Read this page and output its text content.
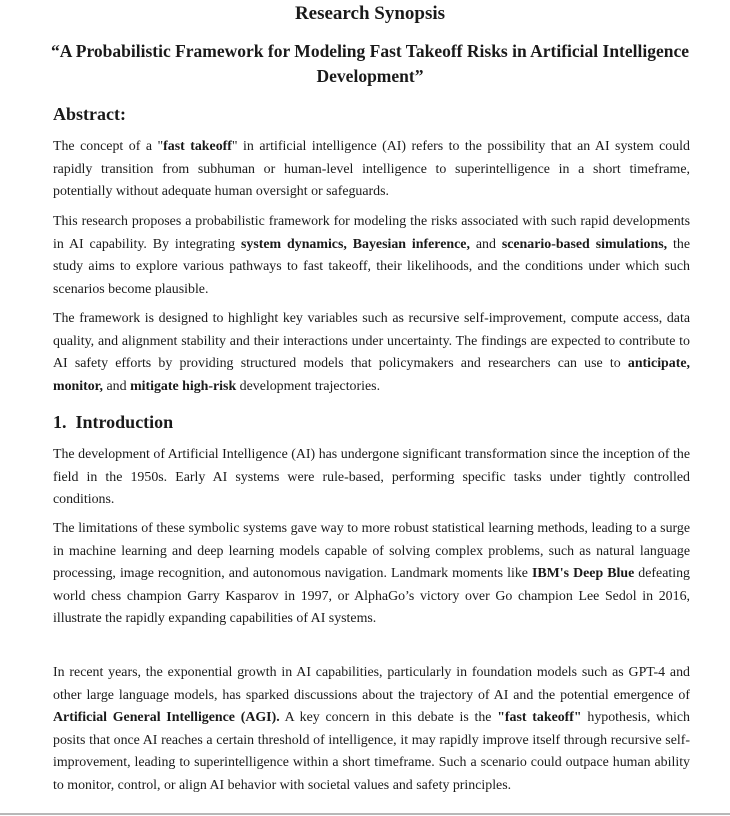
Research Synopsis
“A Probabilistic Framework for Modeling Fast Takeoff Risks in Artificial Intelligence Development”
Abstract:

The concept of a "fast takeoff" in artificial intelligence (AI) refers to the possibility that an AI system could rapidly transition from subhuman or human-level intelligence to superintelligence in a short timeframe, potentially without adequate human oversight or safeguards.

This research proposes a probabilistic framework for modeling the risks associated with such rapid developments in AI capability. By integrating system dynamics, Bayesian inference, and scenario-based simulations, the study aims to explore various pathways to fast takeoff, their likelihoods, and the conditions under which such scenarios become plausible.

The framework is designed to highlight key variables such as recursive self-improvement, compute access, data quality, and alignment stability and their interactions under uncertainty. The findings are expected to contribute to AI safety efforts by providing structured models that policymakers and researchers can use to anticipate, monitor, and mitigate high-risk development trajectories.

1. Introduction

The development of Artificial Intelligence (AI) has undergone significant transformation since the inception of the field in the 1950s. Early AI systems were rule-based, performing specific tasks under tightly controlled conditions.

The limitations of these symbolic systems gave way to more robust statistical learning methods, leading to a surge in machine learning and deep learning models capable of solving complex problems, such as natural language processing, image recognition, and autonomous navigation. Landmark moments like IBM's Deep Blue defeating world chess champion Garry Kasparov in 1997, or AlphaGo’s victory over Go champion Lee Sedol in 2016, illustrate the rapidly expanding capabilities of AI systems.

In recent years, the exponential growth in AI capabilities, particularly in foundation models such as GPT-4 and other large language models, has sparked discussions about the trajectory of AI and the potential emergence of Artificial General Intelligence (AGI). A key concern in this debate is the "fast takeoff" hypothesis, which posits that once AI reaches a certain threshold of intelligence, it may rapidly improve itself through recursive self-improvement, leading to superintelligence within a short timeframe. Such a scenario could outpace human ability to monitor, control, or align AI behavior with societal values and safety principles.
